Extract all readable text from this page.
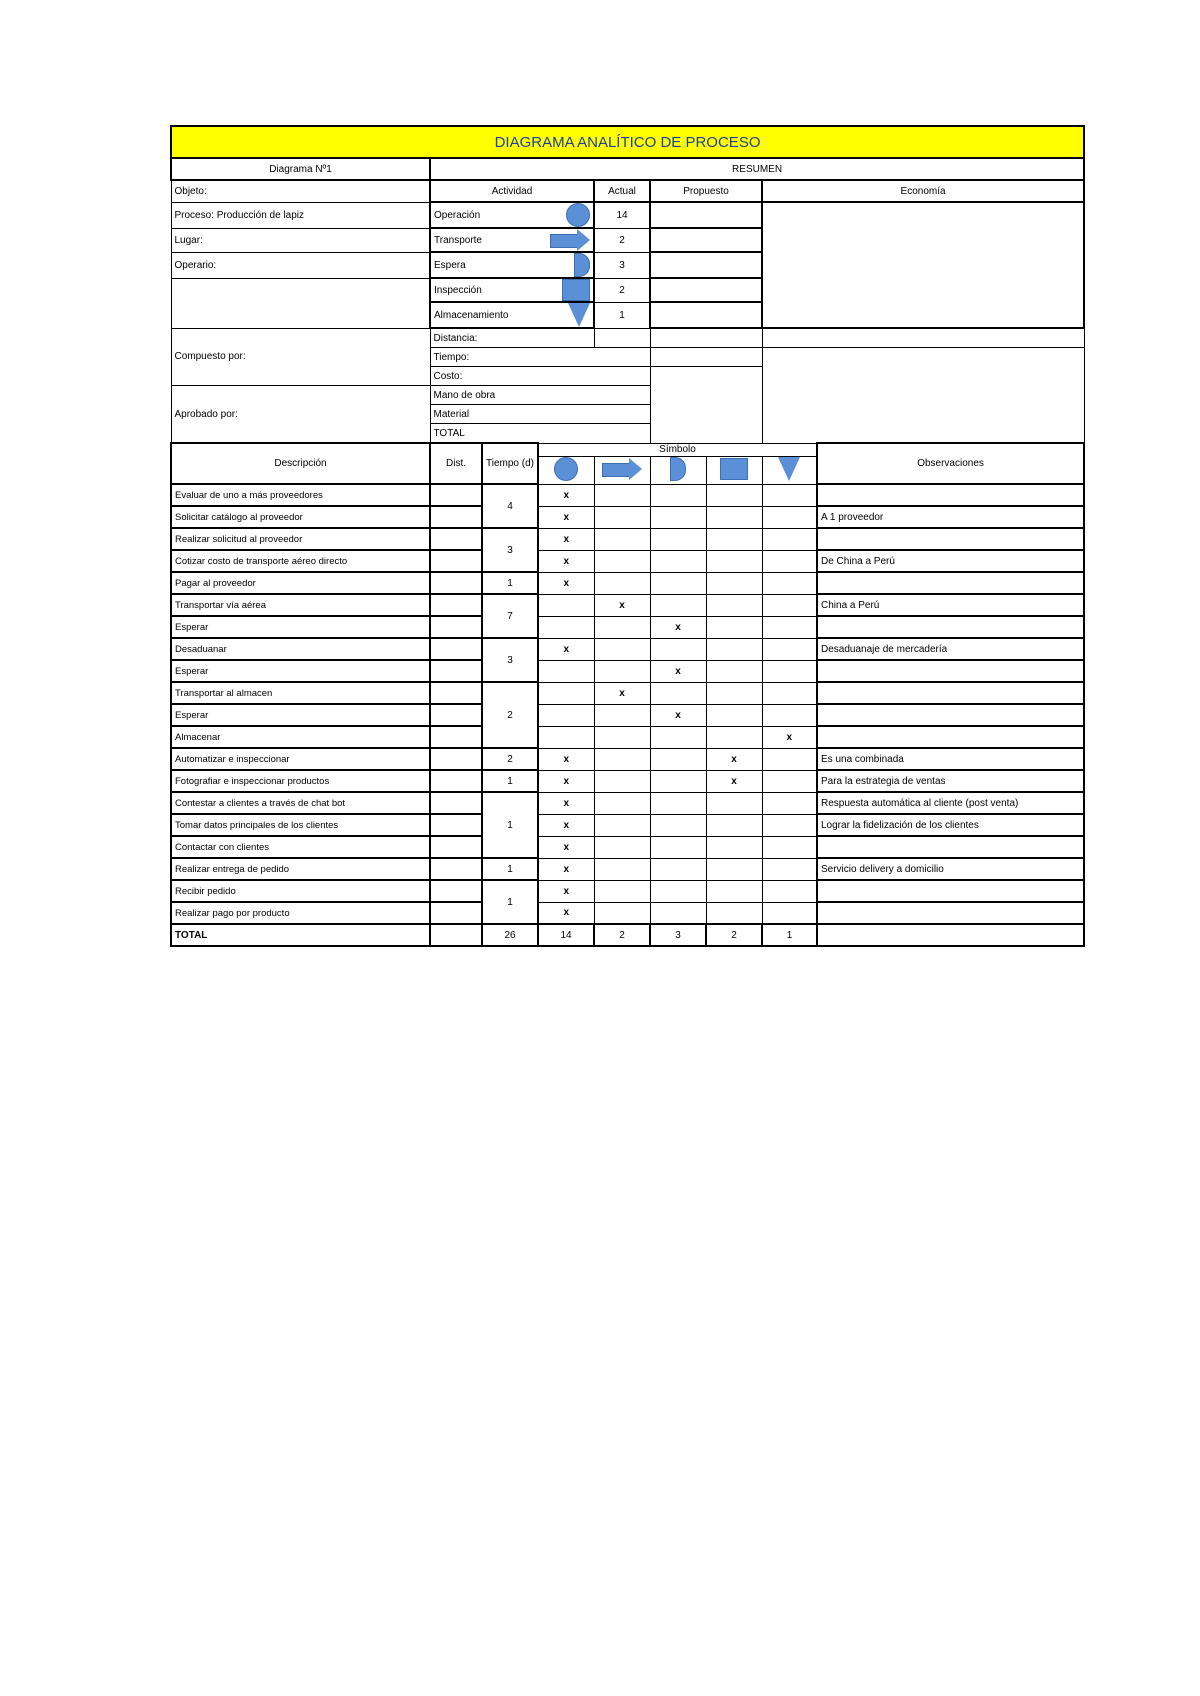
DIAGRAMA ANALÍTICO DE PROCESO								
Diagrama Nº1	RESUMEN							
Objeto:	Actividad			Actual	Propuesto		Economía	
Proceso: Producción de lapiz	Operación			14				
Lugar:	Transporte			2				
Operario:	Espera			3				

	Inspección			2				

	Almacenamiento			1				
Compuesto por:	Distancia:							
	Tiempo:							
	Costo:							
Aprobado por:	Mano de obra							
	Material							
	TOTAL							
Descripción	Dist.	Tiempo (d)	Símbolo					Observaciones

Evaluar de uno a más proveedores		4	x					
Solicitar catálogo al proveedor			x					A 1 proveedor
Realizar solicitud al proveedor		3	x					
Cotizar costo de transporte aéreo directo			x					De China a Perú
Pagar al proveedor		1	x					
Transportar vía aérea		7		x				China a Perú
Esperar					x			
Desaduanar		3	x					Desaduanaje de mercadería
Esperar					x			
Transportar al almacen		2		x				
Esperar					x			
Almacenar							x	
Automatizar e inspeccionar		2	x			x		Es una combinada
Fotografiar e inspeccionar productos		1	x			x		Para la estrategia de ventas
Contestar a clientes a través de chat bot		1	x					Respuesta automática al cliente (post venta)
Tomar datos principales de los clientes			x					Lograr la fidelización de los clientes
Contactar con clientes			x					
Realizar entrega de pedido		1	x					Servicio delivery a domicilio
Recibir pedido		1	x					
Realizar pago por producto			x					
TOTAL		26	14	2	3	2	1	
